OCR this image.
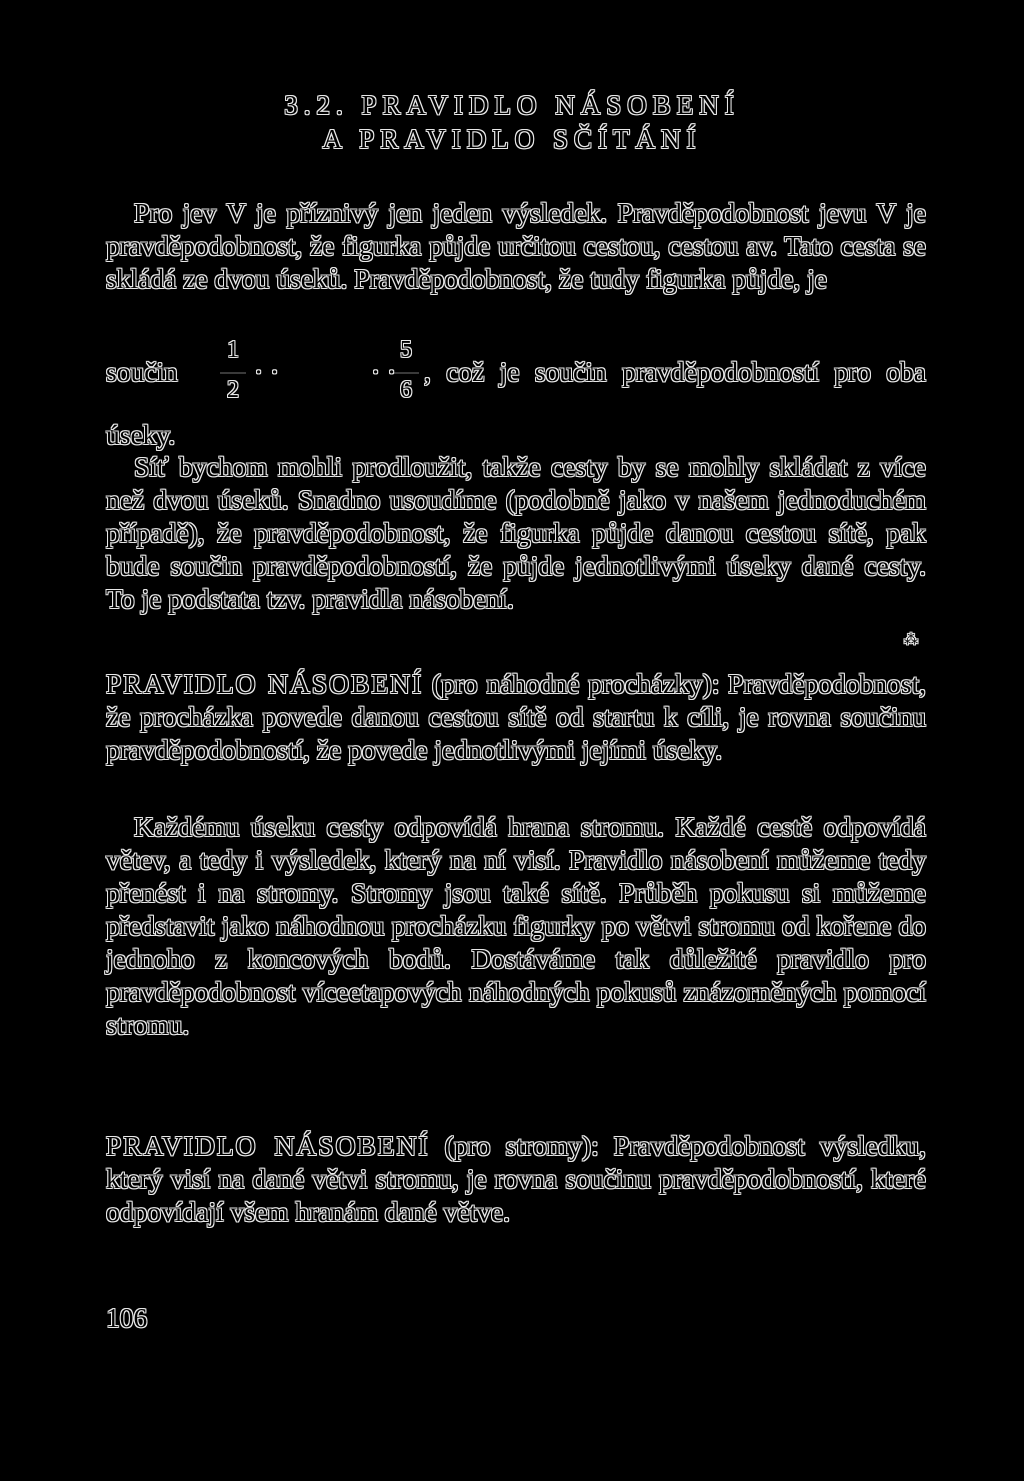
3.2. PRAVIDLO NÁSOBENÍ
A PRAVIDLO SČÍTÁNÍ

Pro jev V je příznivý jen jeden výsledek. Pravděpodobnost jevu V je pravděpodobnost, že figurka půjde určitou cestou, cestou av. Tato cesta se skládá ze dvou úseků. Pravděpodobnost, že tudy figurka půjde, je

součin
1
2
· ·	· ·
5
6
, což je součin pravděpodobností pro oba

úseky.

Síť bychom mohli prodloužit, takže cesty by se mohly skládat z více než dvou úseků. Snadno usoudíme (podobně jako v našem jednoduchém případě), že pravděpodobnost, že figurka půjde danou cestou sítě, pak bude součin pravděpodobností, že půjde jednotlivými úseky dané cesty. To je podstata tzv. pravidla násobení.

⁂

PRAVIDLO NÁSOBENÍ (pro náhodné procházky): Pravděpodobnost, že procházka povede danou cestou sítě od startu k cíli, je rovna součinu pravděpodobností, že povede jednotlivými jejími úseky.

Každému úseku cesty odpovídá hrana stromu. Každé cestě odpovídá větev, a tedy i výsledek, který na ní visí. Pravidlo násobení můžeme tedy přenést i na stromy. Stromy jsou také sítě. Průběh pokusu si můžeme představit jako náhodnou procházku figurky po větvi stromu od kořene do jednoho z koncových bodů. Dostáváme tak důležité pravidlo pro pravděpodobnost víceetapových náhodných pokusů znázorněných pomocí stromu.

PRAVIDLO NÁSOBENÍ (pro stromy): Pravděpodobnost výsledku, který visí na dané větvi stromu, je rovna součinu pravděpodobností, které odpovídají všem hranám dané větve.

106
